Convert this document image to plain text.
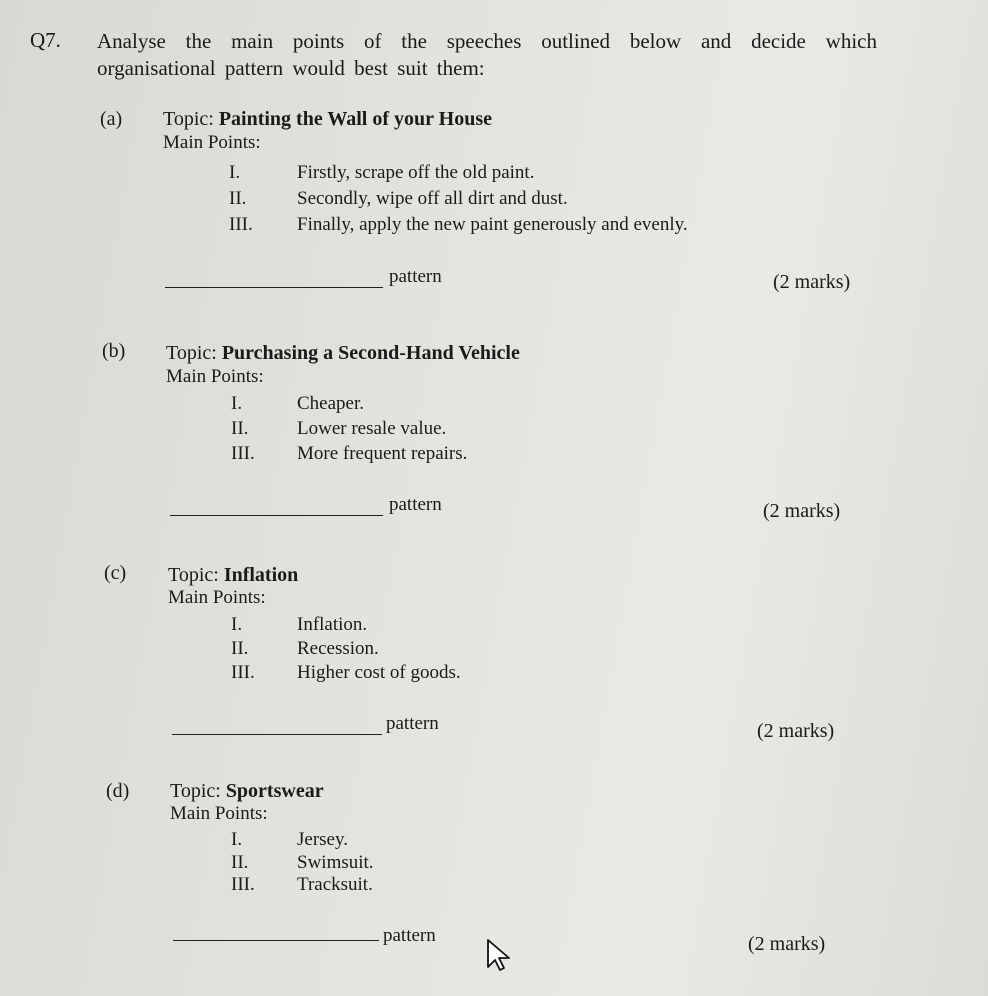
Q7. Analyse the main points of the speeches outlined below and decide which organisational pattern would best suit them:
(a) Topic: Painting the Wall of your House
Main Points:
I.	Firstly, scrape off the old paint.
II.	Secondly, wipe off all dirt and dust.
III. Finally, apply the new paint generously and evenly.
pattern	(2 marks)
(b) Topic: Purchasing a Second-Hand Vehicle
Main Points:
I.	Cheaper.
II.	Lower resale value.
III. More frequent repairs.
pattern	(2 marks)
(c) Topic: Inflation
Main Points:
I.	Inflation.
II.	Recession.
III. Higher cost of goods.
pattern	(2 marks)
(d) Topic: Sportswear
Main Points:
I.	Jersey.
II.	Swimsuit.
III. Tracksuit.
pattern	(2 marks)
